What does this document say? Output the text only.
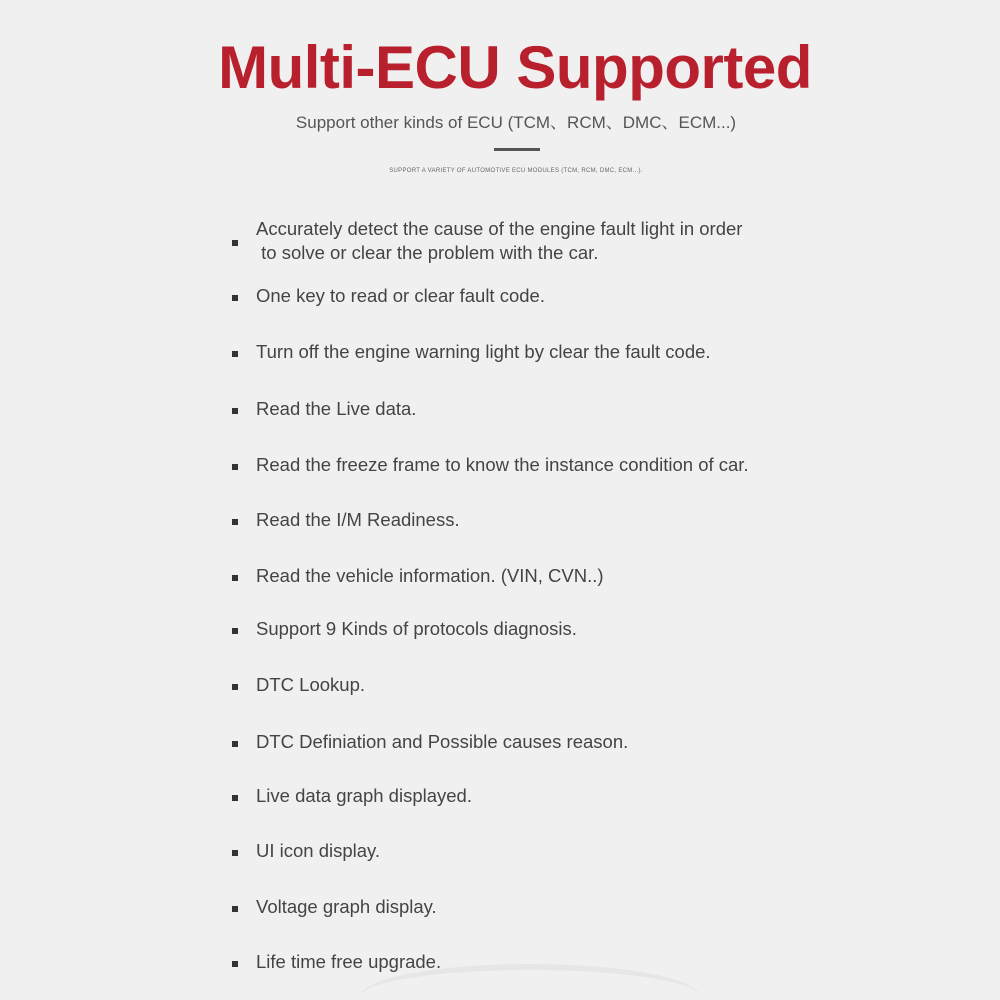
Multi-ECU Supported

Support other kinds of ECU (TCM、RCM、DMC、ECM...)

SUPPORT A VARIETY OF AUTOMOTIVE ECU MODULES (TCM, RCM, DMC, ECM...).

Accurately detect the cause of the engine fault light in order
to solve or clear the problem with the car.
One key to read or clear fault code.
Turn off the engine warning light by clear the fault code.
Read the Live data.
Read the freeze frame to know the instance condition of car.
Read the I/M Readiness.
Read the vehicle information. (VIN, CVN..)
Support 9 Kinds of protocols diagnosis.
DTC Lookup.
DTC Definiation and Possible causes reason.
Live data graph displayed.
UI icon display.
Voltage graph display.
Life time free upgrade.
